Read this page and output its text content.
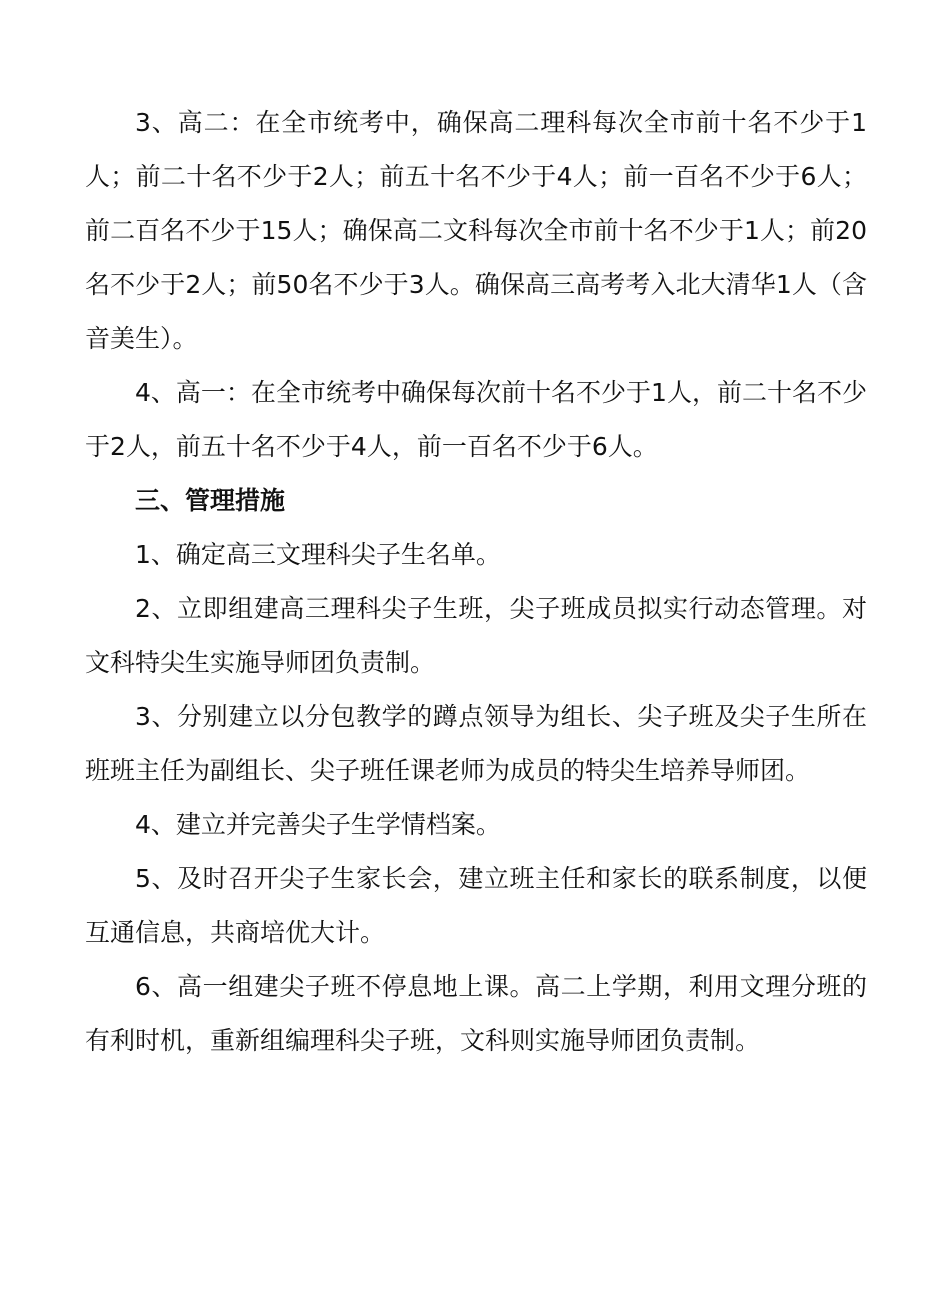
3、高二：在全市统考中，确保高二理科每次全市前十名不少于1人；前二十名不少于2人；前五十名不少于4人；前一百名不少于6人；前二百名不少于15人；确保高二文科每次全市前十名不少于1人；前20名不少于2人；前50名不少于3人。确保高三高考考入北大清华1人（含音美生）。

4、高一：在全市统考中确保每次前十名不少于1人，前二十名不少于2人，前五十名不少于4人，前一百名不少于6人。

三、管理措施

1、确定高三文理科尖子生名单。

2、立即组建高三理科尖子生班，尖子班成员拟实行动态管理。对文科特尖生实施导师团负责制。

3、分别建立以分包教学的蹲点领导为组长、尖子班及尖子生所在班班主任为副组长、尖子班任课老师为成员的特尖生培养导师团。

4、建立并完善尖子生学情档案。

5、及时召开尖子生家长会，建立班主任和家长的联系制度，以便互通信息，共商培优大计。

6、高一组建尖子班不停息地上课。高二上学期，利用文理分班的有利时机，重新组编理科尖子班，文科则实施导师团负责制。
